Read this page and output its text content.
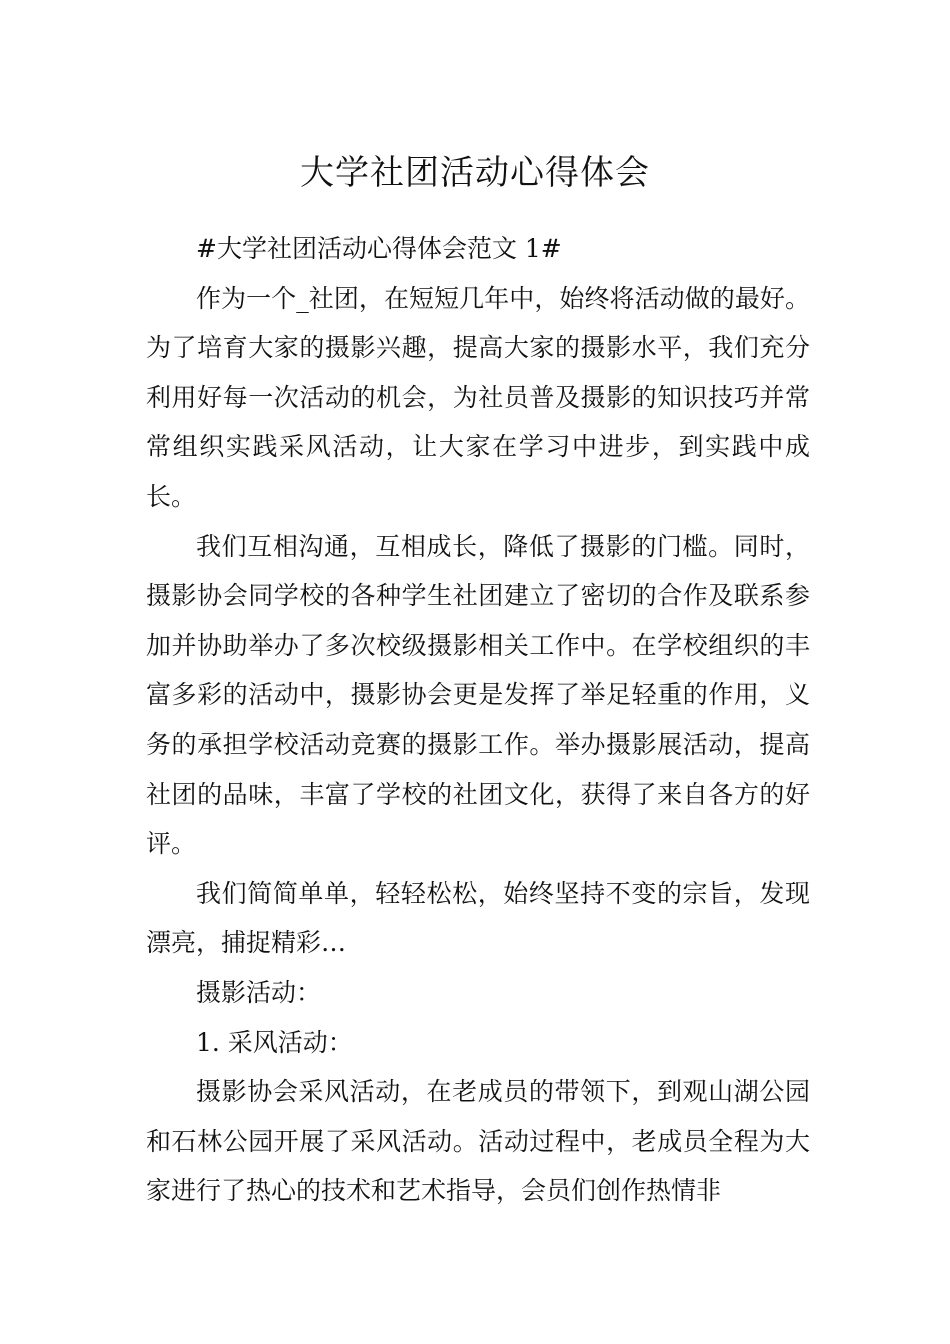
大学社团活动心得体会

#大学社团活动心得体会范文 1#

作为一个_社团，在短短几年中，始终将活动做的最好。为了培育大家的摄影兴趣，提高大家的摄影水平，我们充分利用好每一次活动的机会，为社员普及摄影的知识技巧并常常组织实践采风活动，让大家在学习中进步，到实践中成长。

我们互相沟通，互相成长，降低了摄影的门槛。同时，摄影协会同学校的各种学生社团建立了密切的合作及联系参加并协助举办了多次校级摄影相关工作中。在学校组织的丰富多彩的活动中，摄影协会更是发挥了举足轻重的作用，义务的承担学校活动竞赛的摄影工作。举办摄影展活动，提高社团的品味，丰富了学校的社团文化，获得了来自各方的好评。

我们简简单单，轻轻松松，始终坚持不变的宗旨，发现漂亮，捕捉精彩…

摄影活动：

1. 采风活动：

摄影协会采风活动，在老成员的带领下，到观山湖公园和石林公园开展了采风活动。活动过程中，老成员全程为大家进行了热心的技术和艺术指导，会员们创作热情非
